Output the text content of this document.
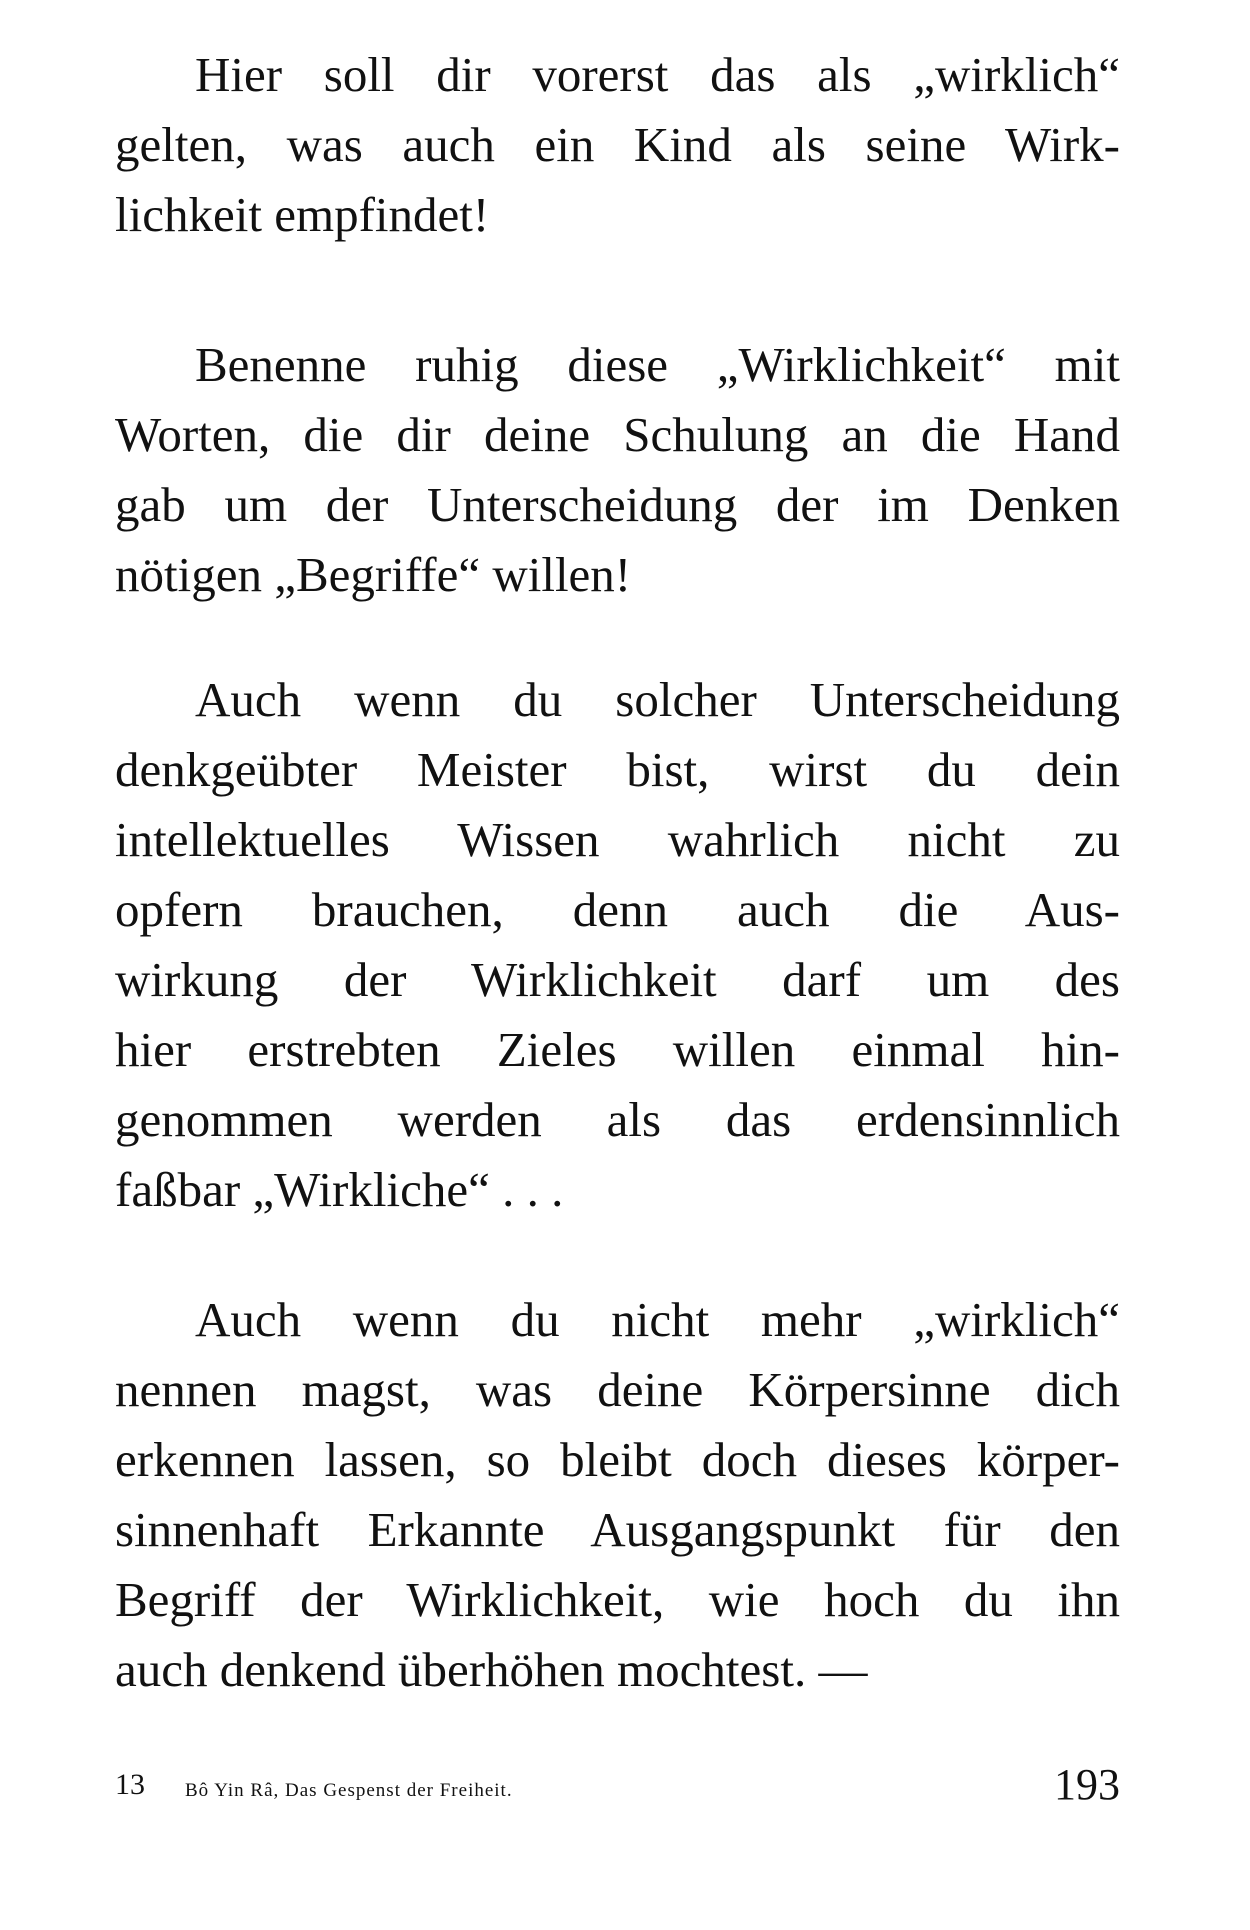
Hier soll dir vorerst das als „wirklich“
gelten, was auch ein Kind als seine Wirk-
lichkeit empfindet!
Benenne ruhig diese „Wirklichkeit“ mit
Worten, die dir deine Schulung an die Hand
gab um der Unterscheidung der im Denken
nötigen „Begriffe“ willen!
Auch wenn du solcher Unterscheidung
denkgeübter Meister bist, wirst du dein
intellektuelles Wissen wahrlich nicht zu
opfern brauchen, denn auch die Aus-
wirkung der Wirklichkeit darf um des
hier erstrebten Zieles willen einmal hin-
genommen werden als das erdensinnlich
faßbar „Wirkliche“ . . .
Auch wenn du nicht mehr „wirklich“
nennen magst, was deine Körpersinne dich
erkennen lassen, so bleibt doch dieses körper-
sinnenhaft Erkannte Ausgangspunkt für den
Begriff der Wirklichkeit, wie hoch du ihn
auch denkend überhöhen mochtest. —
13 Bô Yin Râ, Das Gespenst der Freiheit.	193
